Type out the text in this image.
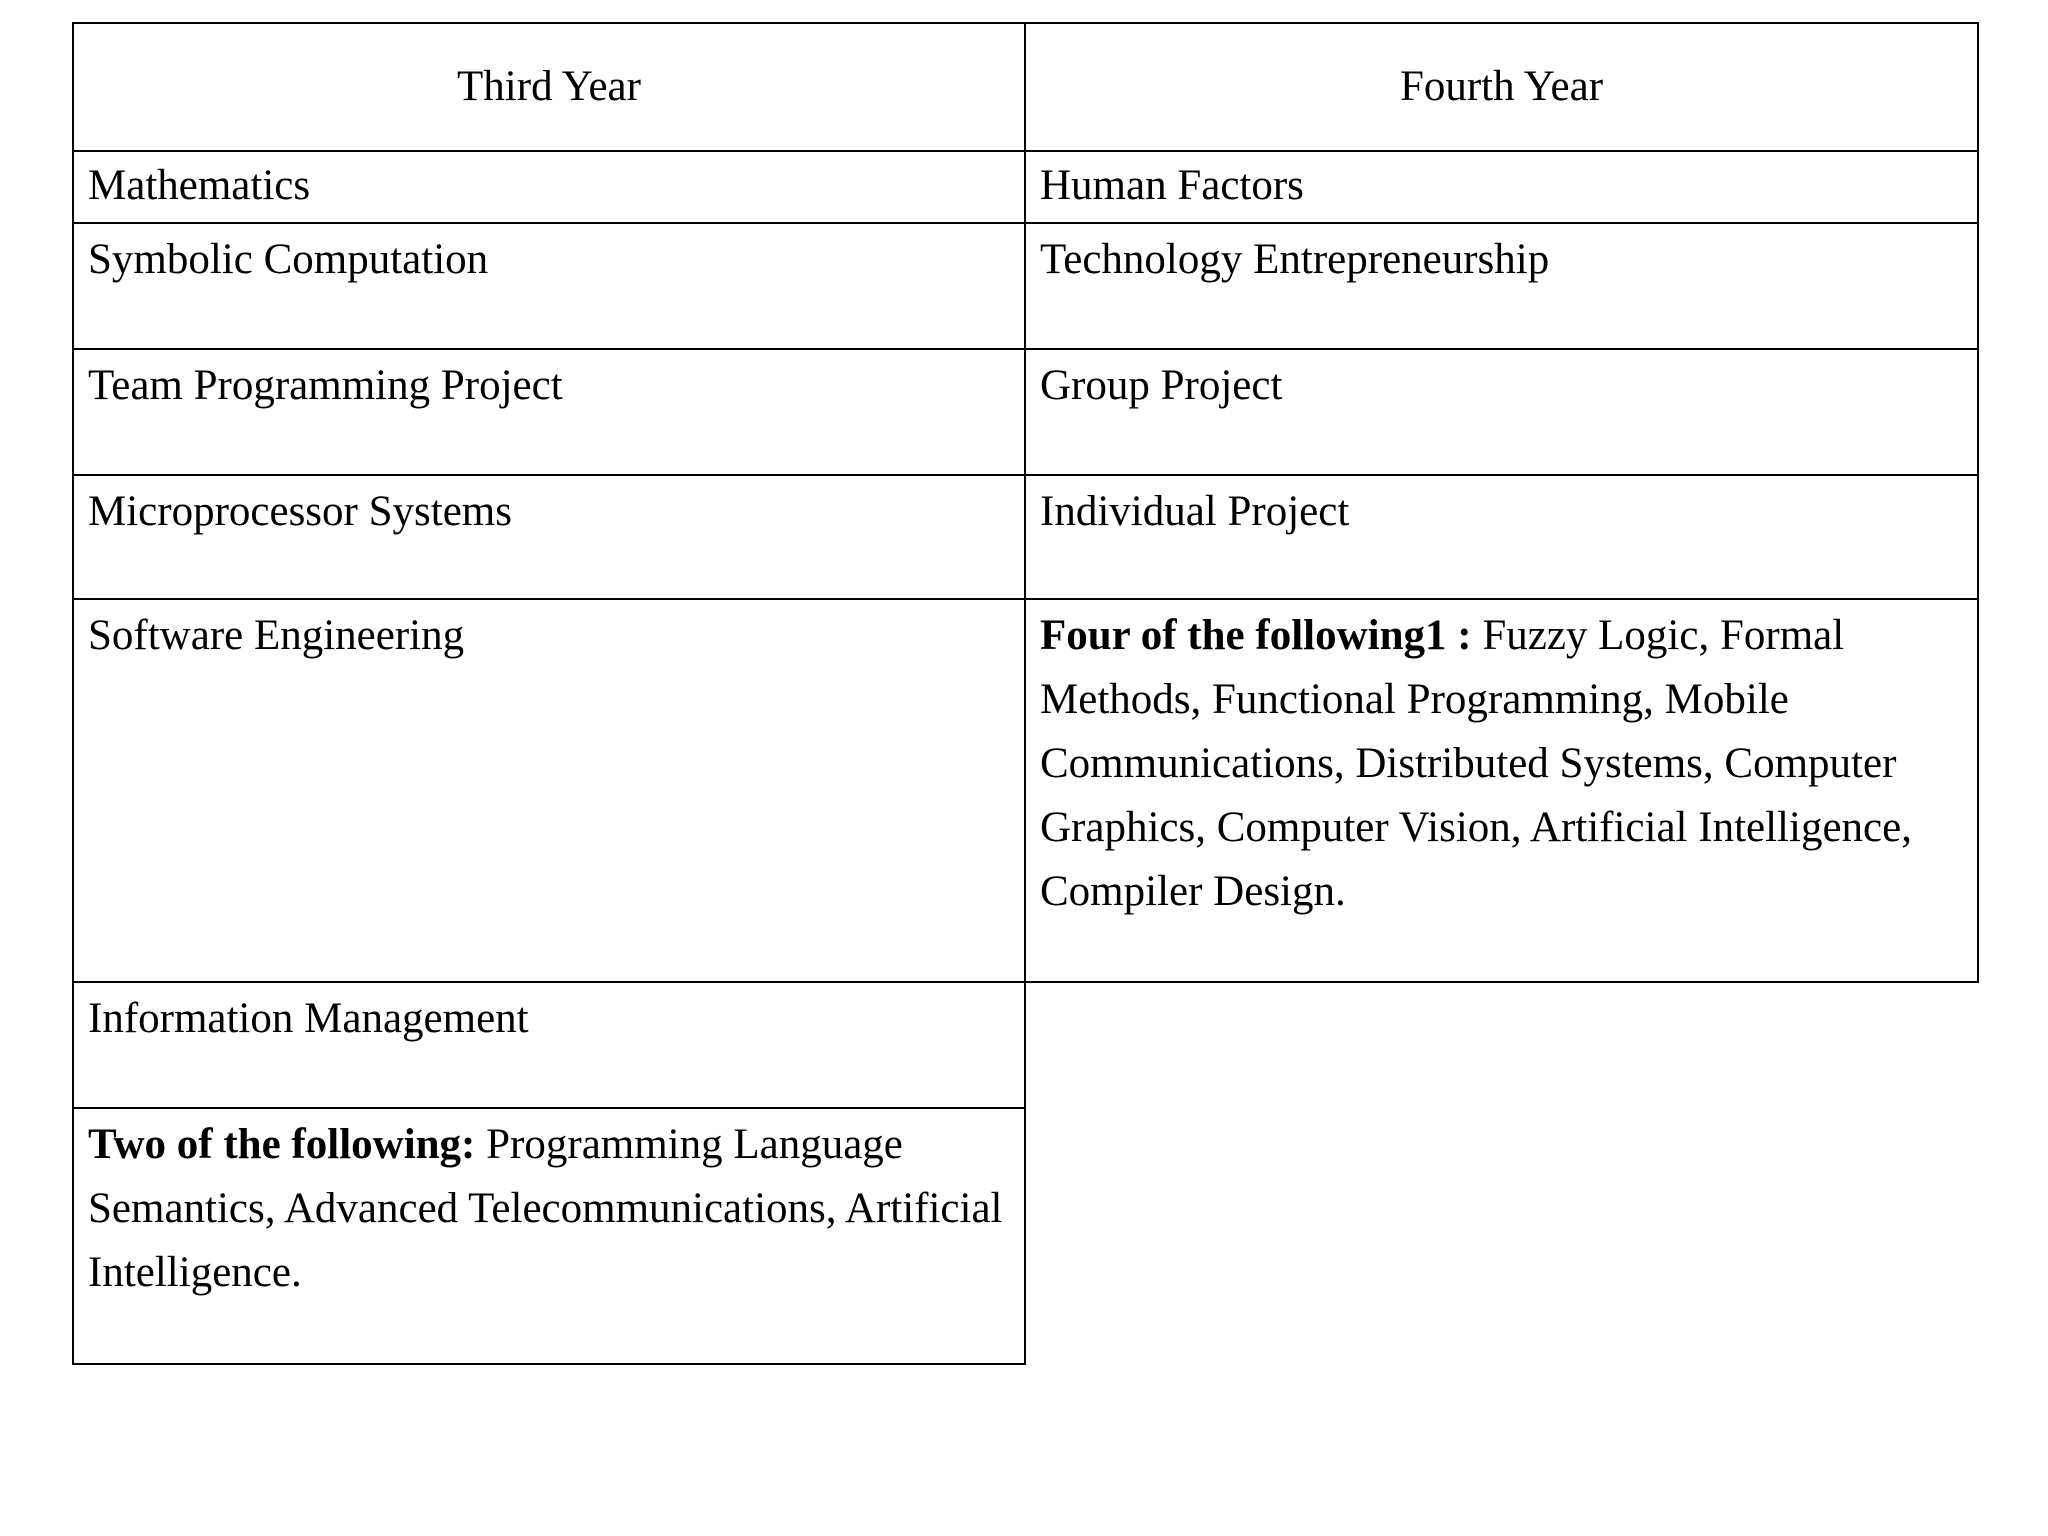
Third Year	Fourth Year
Mathematics	Human Factors
Symbolic Computation	Technology Entrepreneurship
Team Programming Project	Group Project
Microprocessor Systems	Individual Project
Software Engineering	Four of the following1 : Fuzzy Logic, Formal Methods, Functional Programming, Mobile Communications, Distributed Systems, Computer Graphics, Computer Vision, Artificial Intelligence, Compiler Design.
Information Management
Two of the following: Programming Language Semantics, Advanced Telecommunications, Artificial Intelligence.
